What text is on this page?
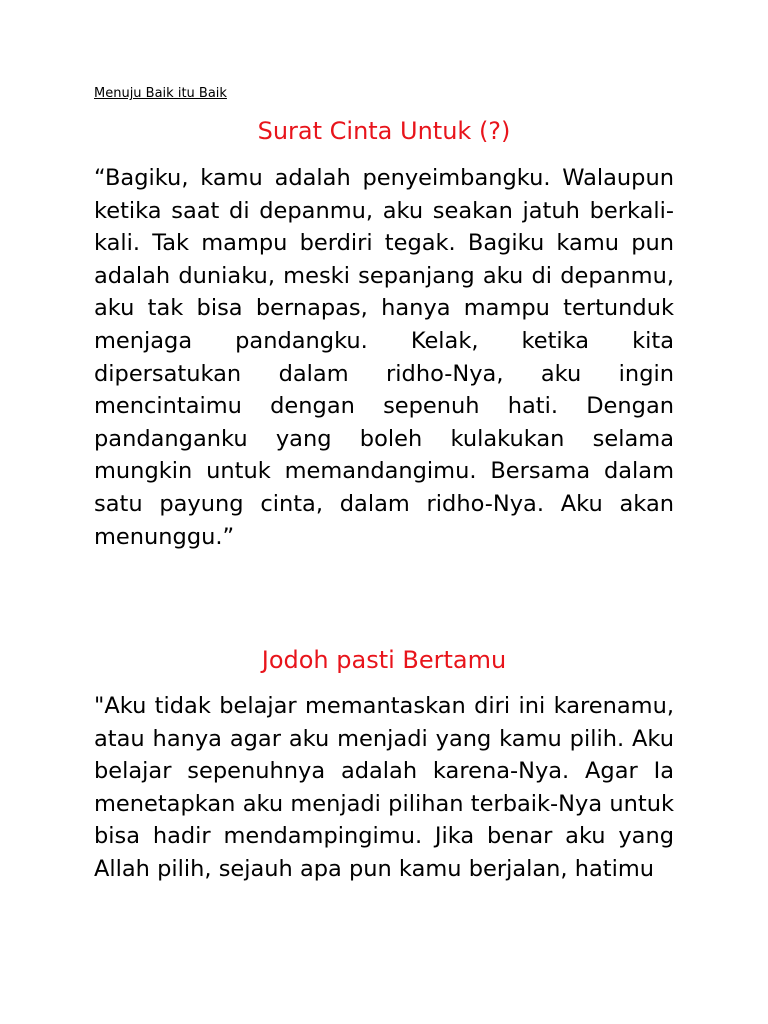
Menuju Baik itu Baik
Surat Cinta Untuk (?)

“Bagiku, kamu adalah penyeimbangku. Walaupun ketika saat di depanmu, aku seakan jatuh berkali-kali. Tak mampu berdiri tegak. Bagiku kamu pun adalah duniaku, meski sepanjang aku di depanmu, aku tak bisa bernapas, hanya mampu tertunduk menjaga pandangku. Kelak, ketika kita dipersatukan dalam ridho-Nya, aku ingin mencintaimu dengan sepenuh hati. Dengan pandanganku yang boleh kulakukan selama mungkin untuk memandangimu. Bersama dalam satu payung cinta, dalam ridho-Nya. Aku akan menunggu.”

Jodoh pasti Bertamu

"Aku tidak belajar memantaskan diri ini karenamu, atau hanya agar aku menjadi yang kamu pilih. Aku belajar sepenuhnya adalah karena-Nya. Agar Ia menetapkan aku menjadi pilihan terbaik-Nya untuk bisa hadir mendampingimu. Jika benar aku yang Allah pilih, sejauh apa pun kamu berjalan, hatimu
